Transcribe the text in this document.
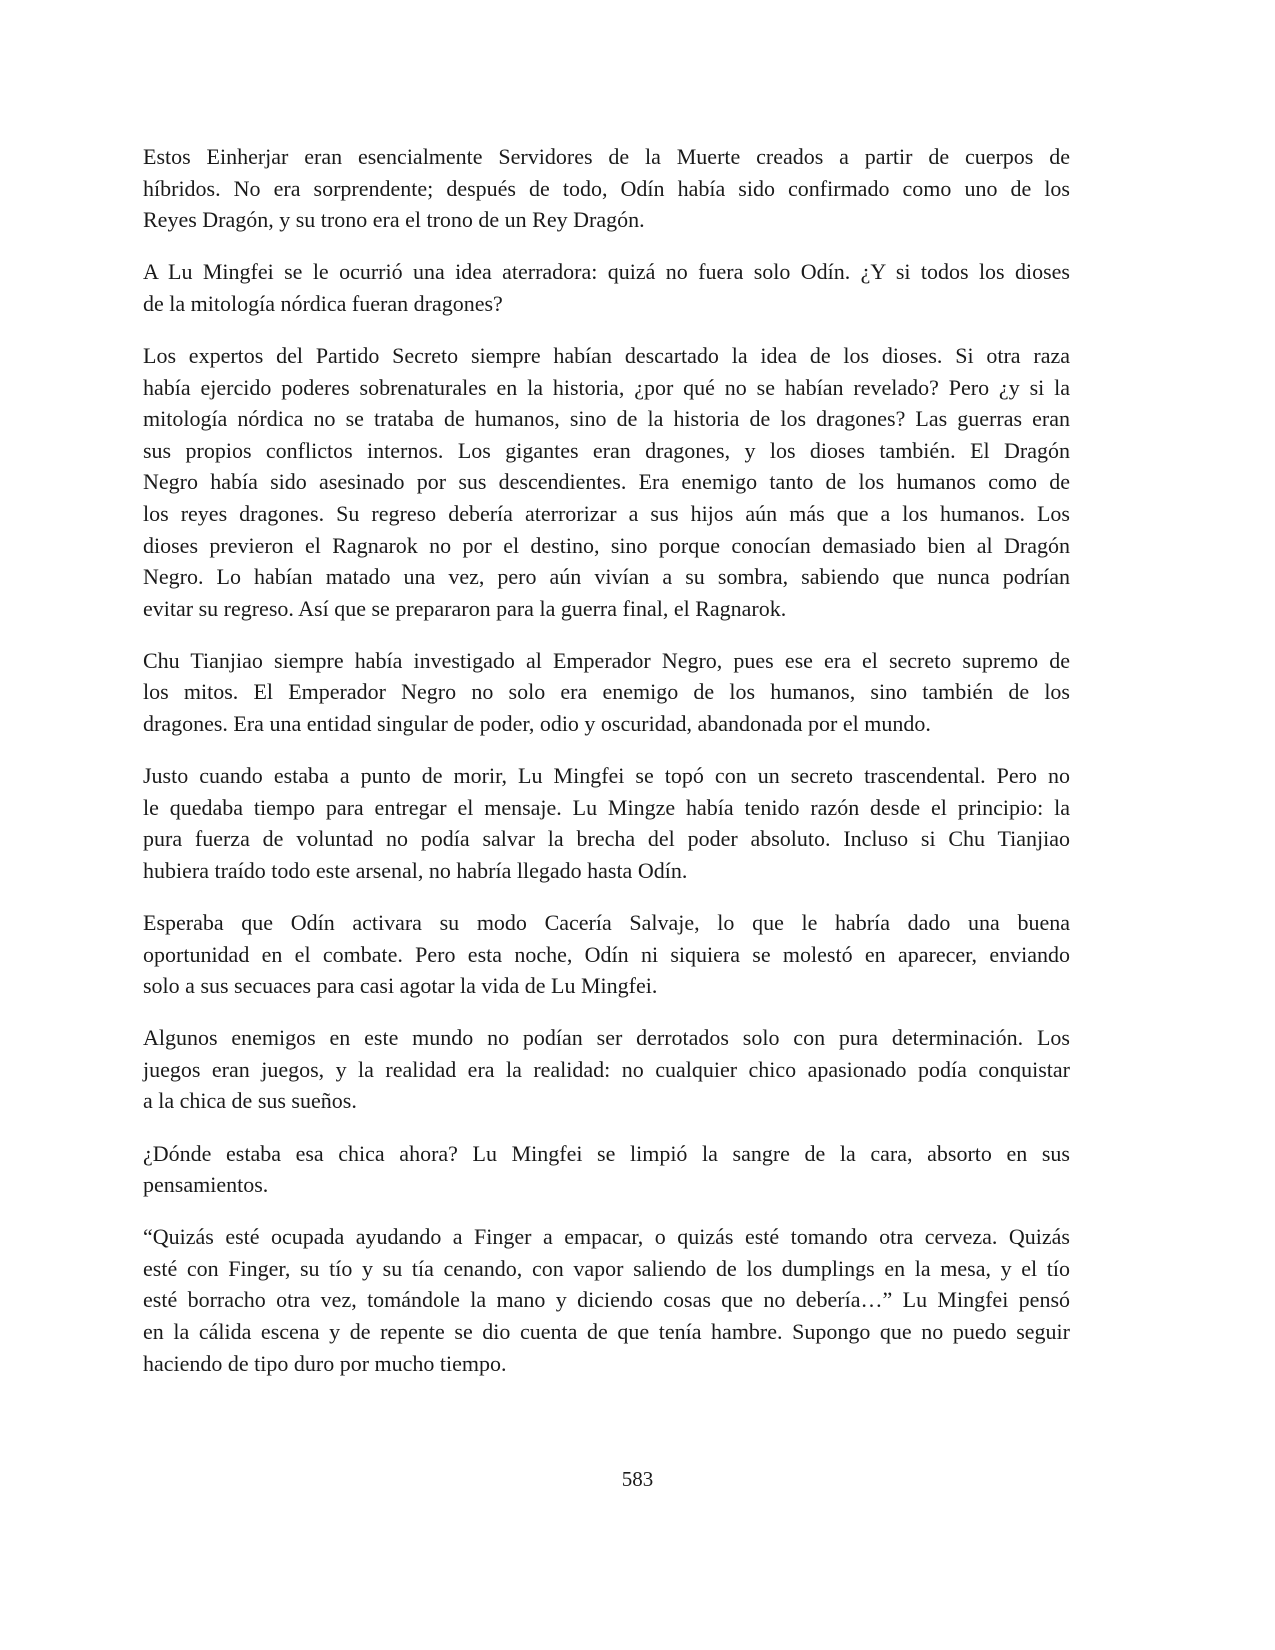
Estos Einherjar eran esencialmente Servidores de la Muerte creados a partir de cuerpos de
híbridos. No era sorprendente; después de todo, Odín había sido confirmado como uno de los
Reyes Dragón, y su trono era el trono de un Rey Dragón.

A Lu Mingfei se le ocurrió una idea aterradora: quizá no fuera solo Odín. ¿Y si todos los dioses
de la mitología nórdica fueran dragones?

Los expertos del Partido Secreto siempre habían descartado la idea de los dioses. Si otra raza
había ejercido poderes sobrenaturales en la historia, ¿por qué no se habían revelado? Pero ¿y si la
mitología nórdica no se trataba de humanos, sino de la historia de los dragones? Las guerras eran
sus propios conflictos internos. Los gigantes eran dragones, y los dioses también. El Dragón
Negro había sido asesinado por sus descendientes. Era enemigo tanto de los humanos como de
los reyes dragones. Su regreso debería aterrorizar a sus hijos aún más que a los humanos. Los
dioses previeron el Ragnarok no por el destino, sino porque conocían demasiado bien al Dragón
Negro. Lo habían matado una vez, pero aún vivían a su sombra, sabiendo que nunca podrían
evitar su regreso. Así que se prepararon para la guerra final, el Ragnarok.

Chu Tianjiao siempre había investigado al Emperador Negro, pues ese era el secreto supremo de
los mitos. El Emperador Negro no solo era enemigo de los humanos, sino también de los
dragones. Era una entidad singular de poder, odio y oscuridad, abandonada por el mundo.

Justo cuando estaba a punto de morir, Lu Mingfei se topó con un secreto trascendental. Pero no
le quedaba tiempo para entregar el mensaje. Lu Mingze había tenido razón desde el principio: la
pura fuerza de voluntad no podía salvar la brecha del poder absoluto. Incluso si Chu Tianjiao
hubiera traído todo este arsenal, no habría llegado hasta Odín.

Esperaba que Odín activara su modo Cacería Salvaje, lo que le habría dado una buena
oportunidad en el combate. Pero esta noche, Odín ni siquiera se molestó en aparecer, enviando
solo a sus secuaces para casi agotar la vida de Lu Mingfei.

Algunos enemigos en este mundo no podían ser derrotados solo con pura determinación. Los
juegos eran juegos, y la realidad era la realidad: no cualquier chico apasionado podía conquistar
a la chica de sus sueños.

¿Dónde estaba esa chica ahora? Lu Mingfei se limpió la sangre de la cara, absorto en sus
pensamientos.

“Quizás esté ocupada ayudando a Finger a empacar, o quizás esté tomando otra cerveza. Quizás
esté con Finger, su tío y su tía cenando, con vapor saliendo de los dumplings en la mesa, y el tío
esté borracho otra vez, tomándole la mano y diciendo cosas que no debería…” Lu Mingfei pensó
en la cálida escena y de repente se dio cuenta de que tenía hambre. Supongo que no puedo seguir
haciendo de tipo duro por mucho tiempo.

583
